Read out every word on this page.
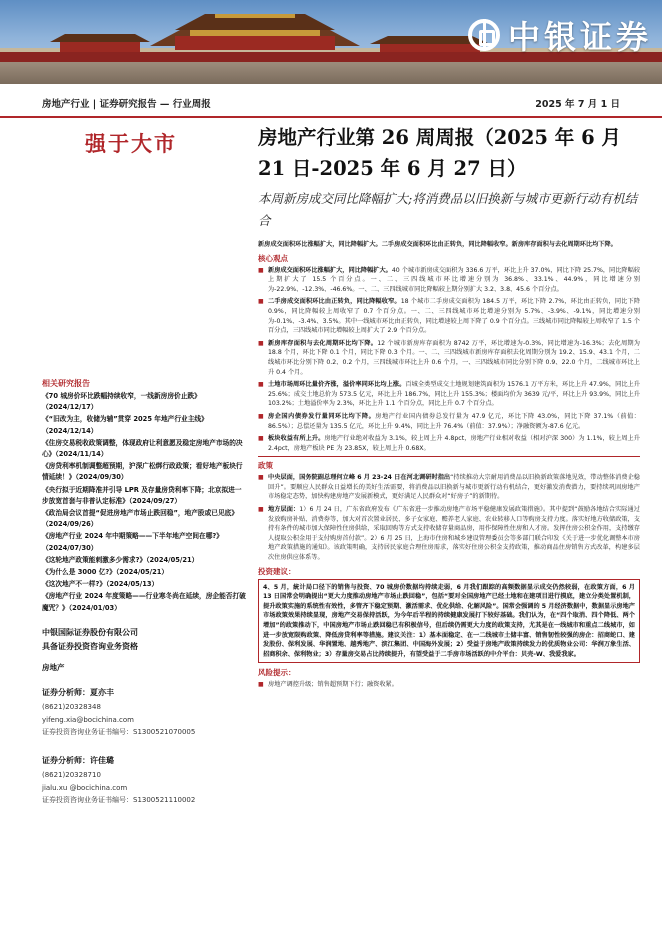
中银证券
房地产行业 | 证券研究报告 — 行业周报	2025 年 7 月 1 日
强于大市	房地产行业第 26 周周报（2025 年 6 月 21 日-2025 年 6 月 27 日）
本周新房成交同比降幅扩大;将消费品以旧换新与城市更新行动有机结合
相关研究报告
《70 城房价环比跌幅持续收窄，一线新房房价止跌》（2024/12/17）
《“旧改为主，收储为辅”贯穿 2025 年地产行业主线》（2024/12/14）
《住房交易税收政策调整，体现政府让利意愿及稳定房地产市场的决心》（2024/11/14）
《房贷利率机制调整超预期，沪深广松绑行政政策；看好地产板块行情延续！》（2024/09/30）
《央行拟于近期降准并引导 LPR 及存量房贷利率下降；北京拟进一步放宽首套与非普认定标准》（2024/09/27）
《政治局会议首提“促进房地产市场止跌回稳”，地产股或已见底》（2024/09/26）
《房地产行业 2024 年中期策略——下半年地产空间在哪?》（2024/07/30）
《这轮地产政策能刺激多少需求?》（2024/05/21）
《为什么是 3000 亿?》（2024/05/21）
《这次地产不一样?》（2024/05/13）
《房地产行业 2024 年度策略——行业寒冬尚在延续，房企能否打破魔咒？》（2024/01/03）
中银国际证券股份有限公司
具备证券投资咨询业务资格
房地产
证券分析师：夏亦丰
(8621)20328348
yifeng.xia@bocichina.com
证券投资咨询业务证书编号：S1300521070005
证券分析师：许佳璐
(8621)20328710
jialu.xu @bocichina.com
证券投资咨询业务证书编号：S1300521110002
新房成交面积环比涨幅扩大，同比降幅扩大。二手房成交面积环比由正转负，同比降幅收窄。新房库存面积与去化周期环比均下降。
核心观点
■ 新房成交面积环比涨幅扩大，同比降幅扩大。40 个城市新房成交面积为 336.6 万平，环比上升 37.0%，同比下降 25.7%，同比降幅较上期扩大了 15.5 个百分点。一、二、三四线城市环比增速分别为 36.8%、33.1%、44.9%，同比增速分别为-22.9%、-12.3%、-46.6%。一、二、三四线城市同比降幅较上期分别扩大 3.2、3.8、45.6 个百分点。
■ 二手房成交面积环比由正转负，同比降幅收窄。18 个城市二手房成交面积为 184.5 万平，环比下降 2.7%，环比由正转负，同比下降 0.9%，同比降幅较上周收窄了 0.7 个百分点。一、二、三四线城市环比增速分别为 5.7%、-3.9%、-9.1%，同比增速分别为-0.1%、-3.4%、3.5%。其中一线城市环比由正转负，同比增速较上周下降了 0.9 个百分点。三线城市同比降幅较上周收窄了 1.5 个百分点，三四线城市同比增幅较上周扩大了 2.9 个百分点。
■ 新房库存面积与去化周期环比均下降。12 个城市新房库存面积为 8742 万平，环比增速为-0.3%，同比增速为-16.3%；去化周期为 18.8 个月，环比下降 0.1 个月，同比下降 0.3 个月。一、二、三四线城市新房库存面积去化周期分别为 19.2、15.9、43.1 个月，二线城市环比分别下降 0.2、0.2 个月，三四线城市环比上升 0.6 个月，一、三四线城市同比分别下降 0.9、22.0 个月，二线城市环比上升 0.4 个月。
■ 土地市场周环比量价齐涨，溢价率同环比均上涨。百城全类型成交土地规划建筑面积为 1576.1 万平方米，环比上升 47.9%，同比上升 25.6%；成交土地总价为 573.5 亿元，环比上升 186.7%，同比上升 155.3%；楼面均价为 3639 元/平，环比上升 93.9%，同比上升 103.2%；土地溢价率为 2.3%，环比上升 1.1 个百分点，同比上升 0.7 个百分点。
■ 房企国内债券发行量同环比均下降。房地产行业国内债券总发行量为 47.9 亿元，环比下降 43.0%，同比下降 37.1%（前值：86.5%）；总偿还量为 135.5 亿元，环比上升 9.4%，同比上升 76.4%（前值：37.9%）；净融资额为-87.6 亿元。
■ 板块收益有所上升。房地产行业绝对收益为 3.1%，较上周上升 4.8pct，房地产行业相对收益（相对沪深 300）为 1.1%，较上周上升 2.4pct，房地产板块 PE 为 23.85X，较上周上升 0.68X。
政策
■ 中央层面，国务院副总理何立峰 6 月 23-24 日在河北调研时指出“持续推动大宗耐用消费品以旧换新政策落地见效，带动整体消费企稳回升”。要顺应人民群众日益增长的美好生活需要，将消费品以旧换新与城市更新行动有机结合，更好激发消费潜力，要持续巩固房地产市场稳定态势，加快构建房地产发展新模式，更好满足人民群众对“好房子”的新期待。
■ 地方层面：1）6 月 24 日，广东省政府发布《广东省进一步推动房地产市场平稳健康发展政策措施》。其中提到“鼓励各地结合实际通过发放购房补贴、消费券等，加大对首次置业居民、多子女家庭、赡养老人家庭、农业转移人口等购房支持力度。落实好地方收储政策，支持有条件的城市加大保障性住房供给，采取回购等方式支持收储存量商品房，用作保障性住房和人才房。发挥住房公积金作用，支持缴存人提取公积金用于支付购房首付款”。2）6 月 25 日，上海市住房和城乡建设管理委员会等多部门联合印发《关于进一步优化调整本市房地产政策措施的通知》。该政策明确，支持居民家庭合理住房需求，落实好住房公积金支持政策，推动商品住房销售方式改革，构建多层次住房供应体系等。
投资建议：
4、5 月，統计局口径下的销售与投资、70 城房价数据均持续走弱，6 月我们跟踪的高频数据显示成交仍然较弱，在政策方面，6 月 13 日国常会明确提出“更大力度推动房地产市场止跌回稳”，包括“要对全国房地产已经土地和在建项目进行摸底，建立分类处置机制，提升政策实施的系统性有效性，多管齐下稳定预期、激活需求、优化供给、化解风险”。国常会强调的 5 月经济数据中，数据显示房地产市场政策效果持续显现，房地产交易保持活跃，为今年后半程的持续健康发展打下较好基础。我们认为，在“四个取消、四个降低、两个增加”的政策推动下，中国房地产市场止跌回稳已有积极信号，但后续仍需更大力度的政策支持，尤其是在一线城市和重点二线城市，如进一步放宽限购政策、降低房贷利率等措施。建议关注：1）基本面稳定、在一二线城市土储丰富、销售韧性较强的房企：招商蛇口、建发股份、保利发展、华润置地、越秀地产、滨江集团、中国海外发展；2）受益于房地产政策持续发力的优质物业公司：华润万象生活、招商积余、保利物业；3）存量房交易占比持续提升，有望受益于二手房市场活跃的中介平台：贝壳-W、我爱我家。
风险提示：
■ 房地产调控升级；销售超预期下行；融资收紧。
